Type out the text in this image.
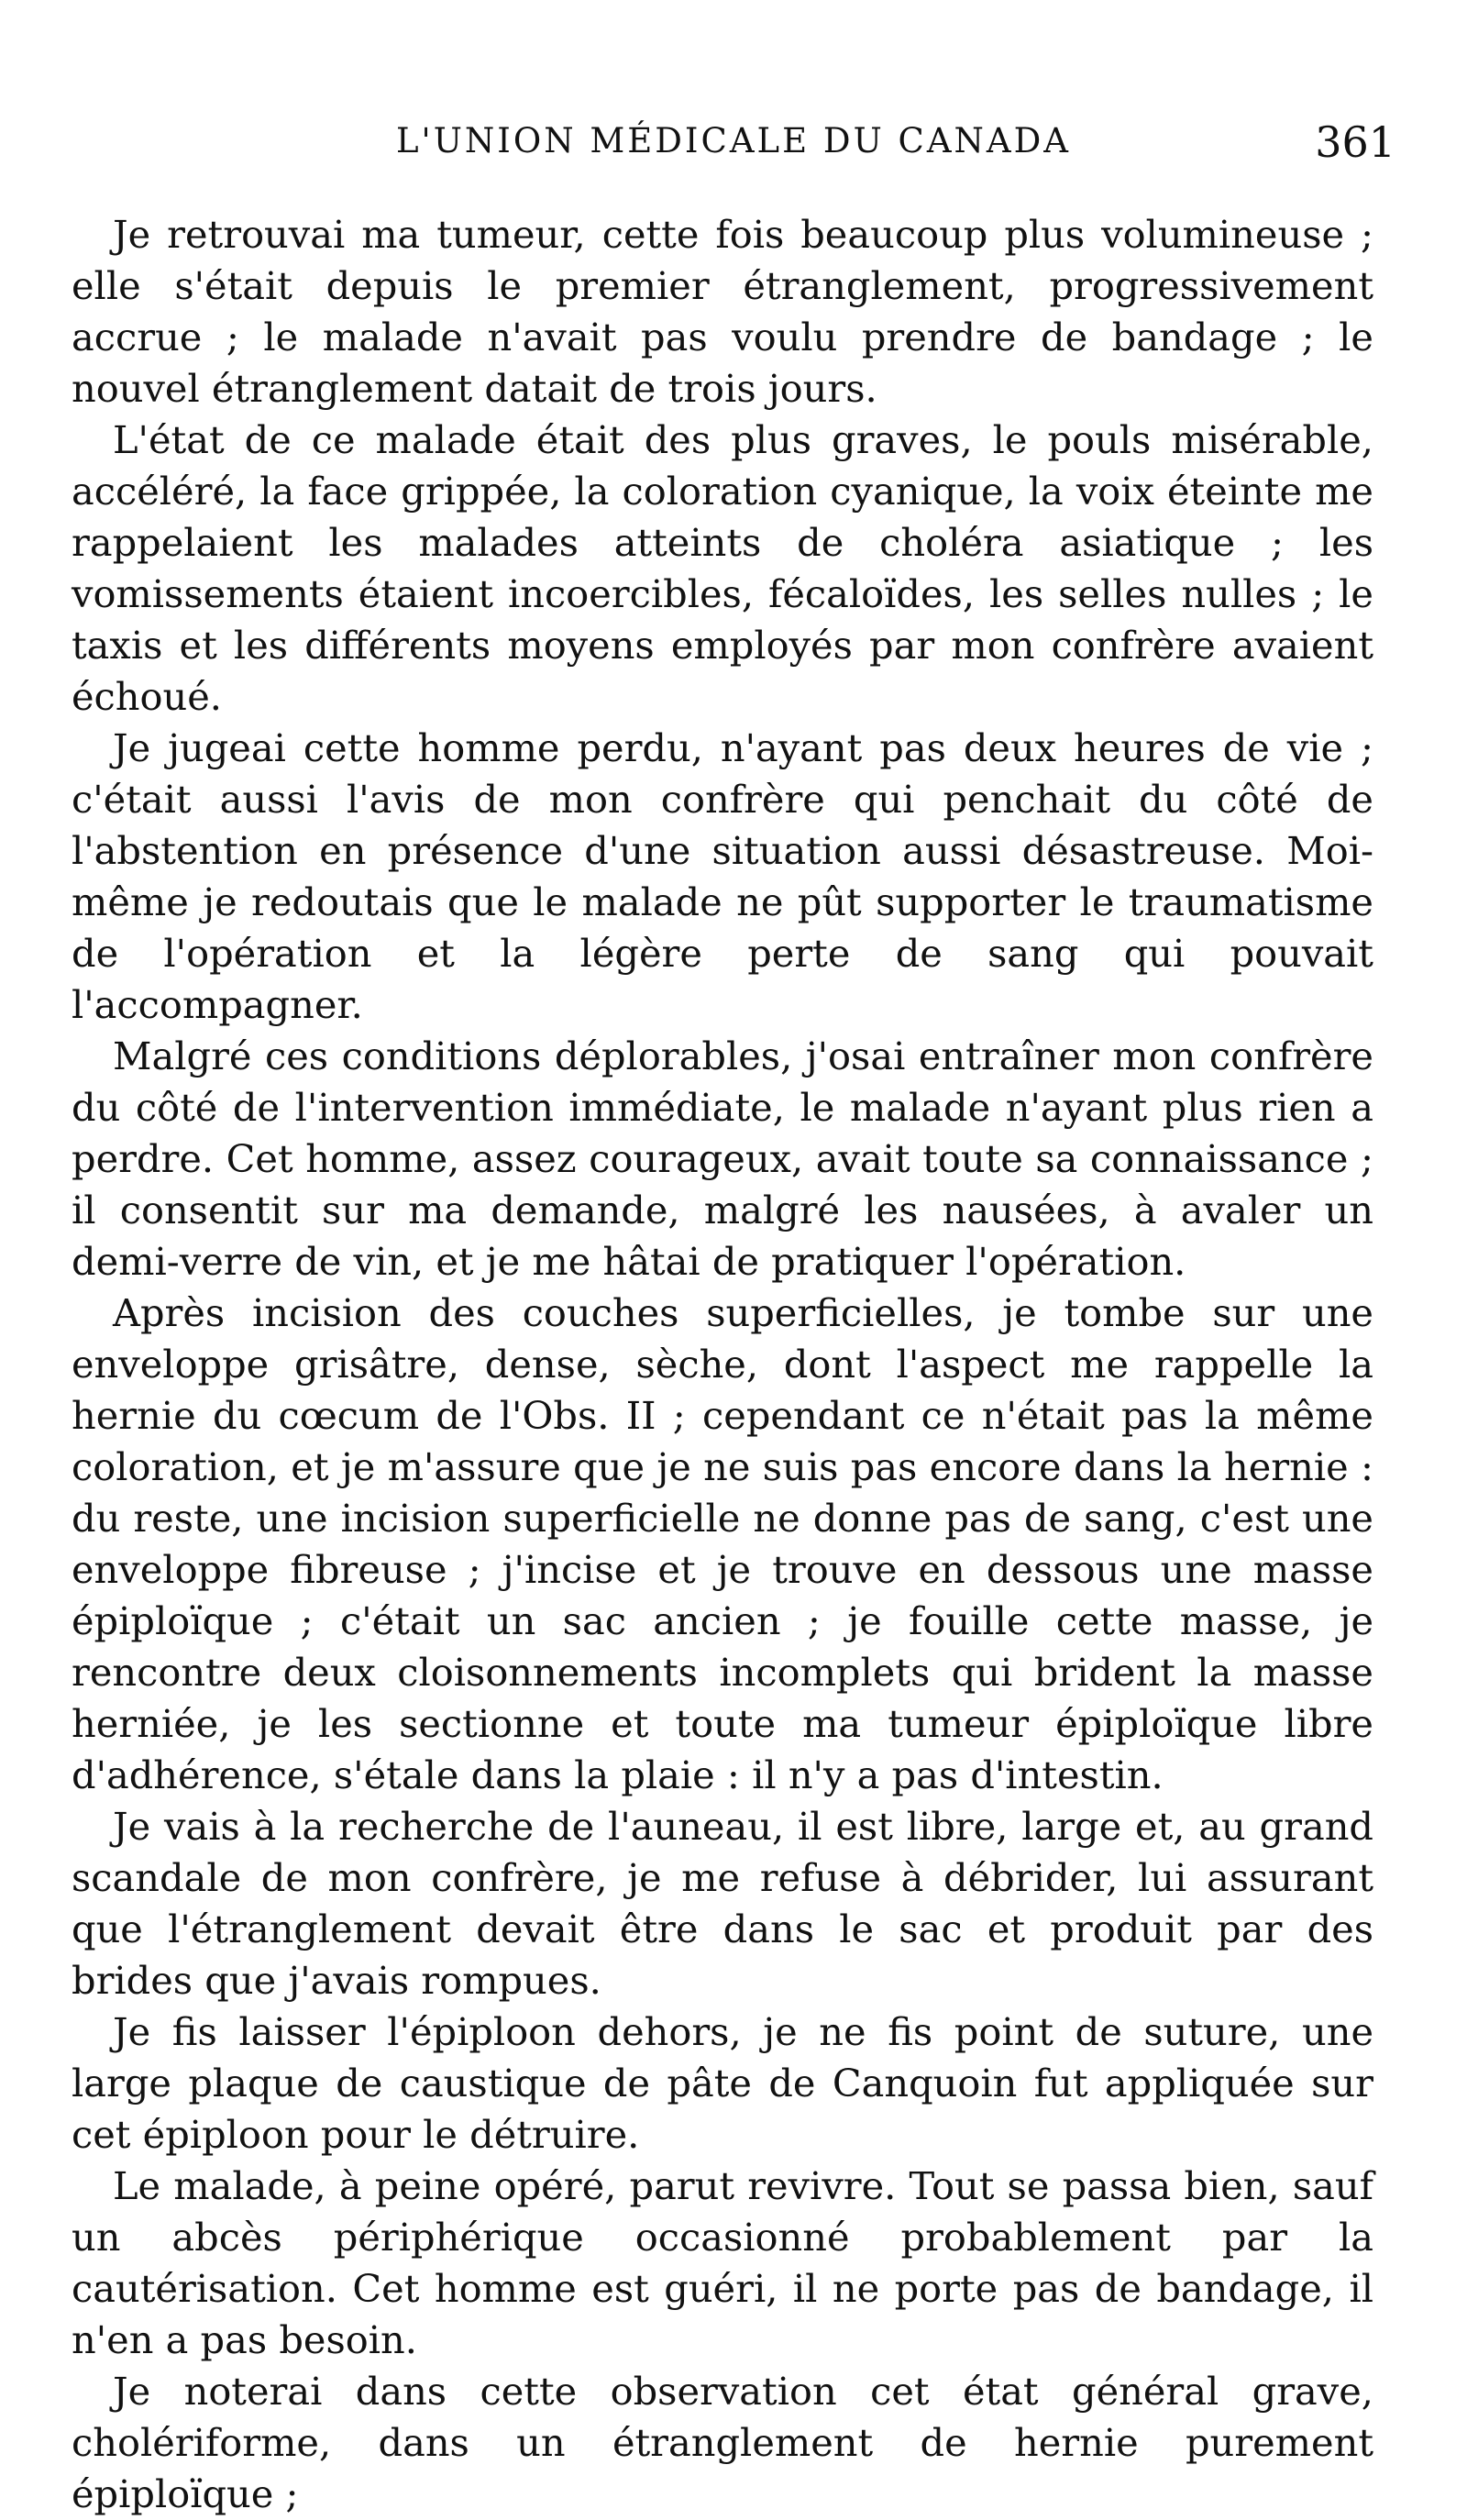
L'UNION MÉDICALE DU CANADA	361

Je retrouvai ma tumeur, cette fois beaucoup plus volumineuse ; elle s'était depuis le premier étranglement, progressivement accrue ; le malade n'avait pas voulu prendre de bandage ; le nouvel étranglement datait de trois jours.

L'état de ce malade était des plus graves, le pouls misérable, accéléré, la face grippée, la coloration cyanique, la voix éteinte me rappelaient les malades atteints de choléra asiatique ; les vomissements étaient incoercibles, fécaloïdes, les selles nulles ; le taxis et les différents moyens employés par mon confrère avaient échoué.

Je jugeai cette homme perdu, n'ayant pas deux heures de vie ; c'était aussi l'avis de mon confrère qui penchait du côté de l'abstention en présence d'une situation aussi désastreuse. Moi-même je redoutais que le malade ne pût supporter le traumatisme de l'opération et la légère perte de sang qui pouvait l'accompagner.

Malgré ces conditions déplorables, j'osai entraîner mon confrère du côté de l'intervention immédiate, le malade n'ayant plus rien a perdre. Cet homme, assez courageux, avait toute sa connaissance ; il consentit sur ma demande, malgré les nausées, à avaler un demi-verre de vin, et je me hâtai de pratiquer l'opération.

Après incision des couches superficielles, je tombe sur une enveloppe grisâtre, dense, sèche, dont l'aspect me rappelle la hernie du cœcum de l'Obs. II ; cependant ce n'était pas la même coloration, et je m'assure que je ne suis pas encore dans la hernie : du reste, une incision superficielle ne donne pas de sang, c'est une enveloppe fibreuse ; j'incise et je trouve en dessous une masse épiploïque ; c'était un sac ancien ; je fouille cette masse, je rencontre deux cloisonnements incomplets qui brident la masse herniée, je les sectionne et toute ma tumeur épiploïque libre d'adhérence, s'étale dans la plaie : il n'y a pas d'intestin.

Je vais à la recherche de l'auneau, il est libre, large et, au grand scandale de mon confrère, je me refuse à débrider, lui assurant que l'étranglement devait être dans le sac et produit par des brides que j'avais rompues.

Je fis laisser l'épiploon dehors, je ne fis point de suture, une large plaque de caustique de pâte de Canquoin fut appliquée sur cet épiploon pour le détruire.

Le malade, à peine opéré, parut revivre. Tout se passa bien, sauf un abcès périphérique occasionné probablement par la cautérisation. Cet homme est guéri, il ne porte pas de bandage, il n'en a pas besoin.

Je noterai dans cette observation cet état général grave, cholériforme, dans un étranglement de hernie purement épiploïque ;
